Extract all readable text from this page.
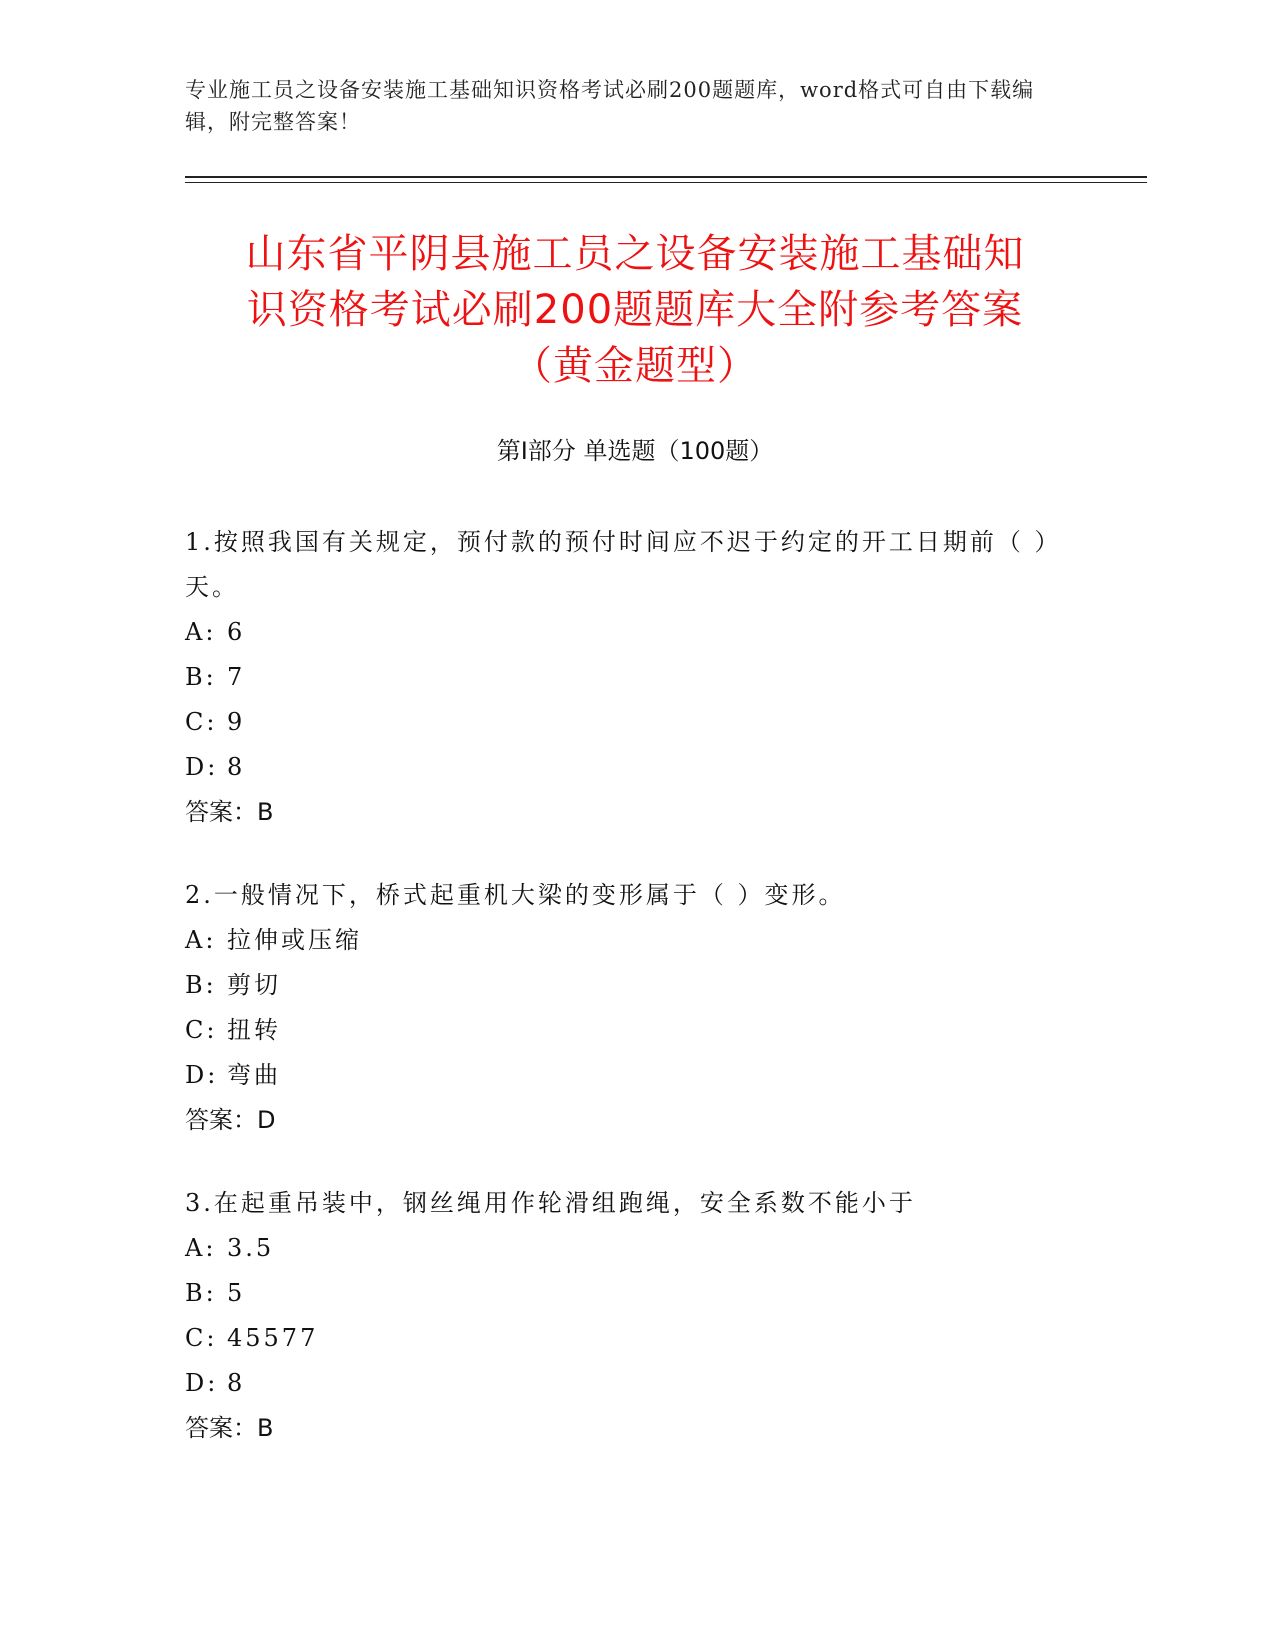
专业施工员之设备安装施工基础知识资格考试必刷200题题库，word格式可自由下载编辑，附完整答案！
山东省平阴县施工员之设备安装施工基础知
识资格考试必刷200题题库大全附参考答案
（黄金题型）
第Ⅰ部分 单选题（100题）
1.按照我国有关规定，预付款的预付时间应不迟于约定的开工日期前（ ）天。
A: 6
B: 7
C: 9
D: 8
答案：B
2.一般情况下，桥式起重机大梁的变形属于（ ）变形。
A: 拉伸或压缩
B: 剪切
C: 扭转
D: 弯曲
答案：D
3.在起重吊装中，钢丝绳用作轮滑组跑绳，安全系数不能小于
A: 3.5
B: 5
C: 45577
D: 8
答案：B
